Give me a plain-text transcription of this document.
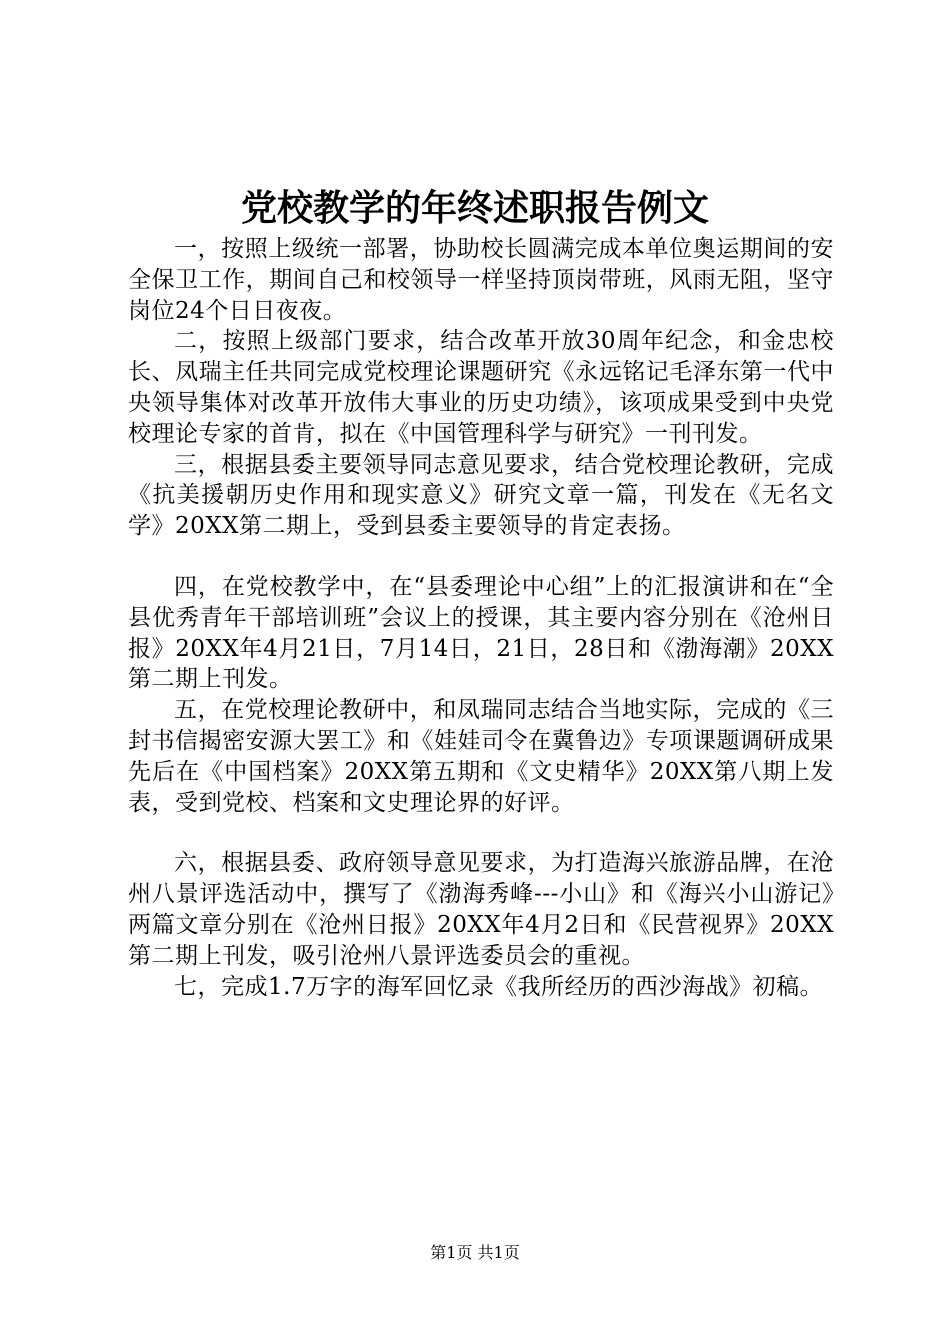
党校教学的年终述职报告例文

一，按照上级统一部署，协助校长圆满完成本单位奥运期间的安全保卫工作，期间自己和校领导一样坚持顶岗带班，风雨无阻，坚守岗位24个日日夜夜。

二，按照上级部门要求，结合改革开放30周年纪念，和金忠校长、凤瑞主任共同完成党校理论课题研究《永远铭记毛泽东第一代中央领导集体对改革开放伟大事业的历史功绩》，该项成果受到中央党校理论专家的首肯，拟在《中国管理科学与研究》一刊刊发。

三，根据县委主要领导同志意见要求，结合党校理论教研，完成《抗美援朝历史作用和现实意义》研究文章一篇，刊发在《无名文学》20XX第二期上，受到县委主要领导的肯定表扬。

四，在党校教学中，在“县委理论中心组”上的汇报演讲和在“全县优秀青年干部培训班”会议上的授课，其主要内容分别在《沧州日报》20XX年4月21日，7月14日，21日，28日和《渤海潮》20XX第二期上刊发。

五，在党校理论教研中，和凤瑞同志结合当地实际，完成的《三封书信揭密安源大罢工》和《娃娃司令在冀鲁边》专项课题调研成果先后在《中国档案》20XX第五期和《文史精华》20XX第八期上发表，受到党校、档案和文史理论界的好评。

六，根据县委、政府领导意见要求，为打造海兴旅游品牌，在沧州八景评选活动中，撰写了《渤海秀峰---小山》和《海兴小山游记》两篇文章分别在《沧州日报》20XX年4月2日和《民营视界》20XX第二期上刊发，吸引沧州八景评选委员会的重视。

七，完成1.7万字的海军回忆录《我所经历的西沙海战》初稿。

第1页 共1页
